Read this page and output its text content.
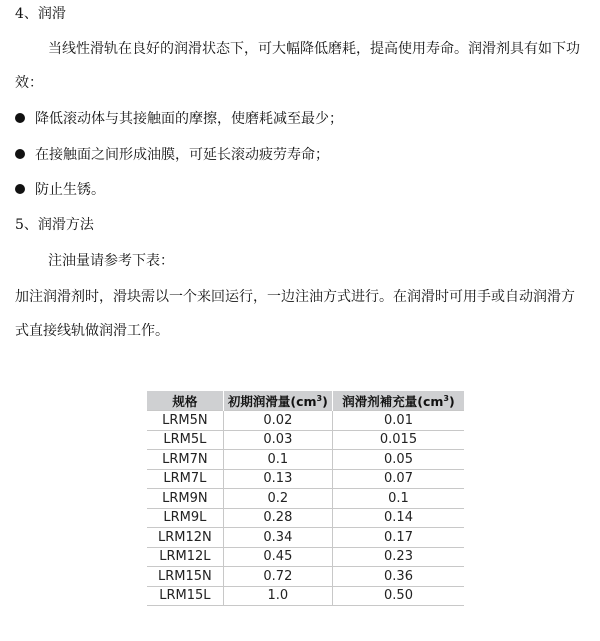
4、润滑
当线性滑轨在良好的润滑状态下，可大幅降低磨耗，提高使用寿命。润滑剂具有如下功
效：
降低滚动体与其接触面的摩擦，使磨耗减至最少；
在接触面之间形成油膜，可延长滚动疲劳寿命；
防止生锈。
5、润滑方法
注油量请参考下表：
加注润滑剂时，滑块需以一个来回运行，一边注油方式进行。在润滑时可用手或自动润滑方
式直接线轨做润滑工作。
规格	初期润滑量$(cm^3)$	润滑剂補充量$(cm^3)$
LRM5N	0.02	0.01
LRM5L	0.03	0.015
LRM7N	0.1	0.05
LRM7L	0.13	0.07
LRM9N	0.2	0.1
LRM9L	0.28	0.14
LRM12N	0.34	0.17
LRM12L	0.45	0.23
LRM15N	0.72	0.36
LRM15L	1.0	0.50
